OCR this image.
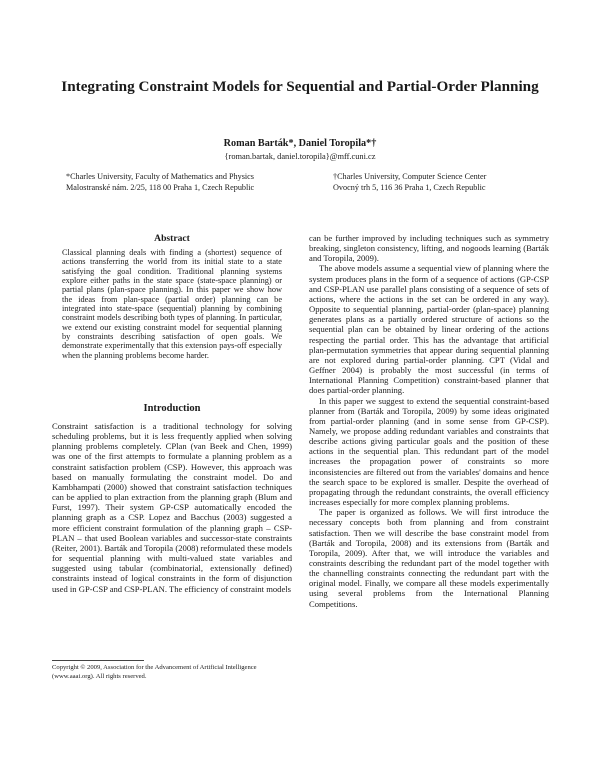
Integrating Constraint Models for Sequential and Partial-Order Planning
Roman Barták*, Daniel Toropila*†
{roman.bartak, daniel.toropila}@mff.cuni.cz
*Charles University, Faculty of Mathematics and Physics
Malostranské nám. 2/25, 118 00 Praha 1, Czech Republic
†Charles University, Computer Science Center
Ovocný trh 5, 116 36 Praha 1, Czech Republic
Abstract

Classical planning deals with finding a (shortest) sequence of actions transferring the world from its initial state to a state satisfying the goal condition. Traditional planning systems explore either paths in the state space (state-space planning) or partial plans (plan-space planning). In this paper we show how the ideas from plan-space (partial order) planning can be integrated into state-space (sequential) planning by combining constraint models describing both types of planning. In particular, we extend our existing constraint model for sequential planning by constraints describing satisfaction of open goals. We demonstrate experimentally that this extension pays-off especially when the planning problems become harder.

Introduction

Constraint satisfaction is a traditional technology for solving scheduling problems, but it is less frequently applied when solving planning problems completely. CPlan (van Beek and Chen, 1999) was one of the first attempts to formulate a planning problem as a constraint satisfaction problem (CSP). However, this approach was based on manually formulating the constraint model. Do and Kambhampati (2000) showed that constraint satisfaction techniques can be applied to plan extraction from the planning graph (Blum and Furst, 1997). Their system GP-CSP automatically encoded the planning graph as a CSP. Lopez and Bacchus (2003) suggested a more efficient constraint formulation of the planning graph – CSP-PLAN – that used Boolean variables and successor-state constraints (Reiter, 2001). Barták and Toropila (2008) reformulated these models for sequential planning with multi-valued state variables and suggested using tabular (combinatorial, extensionally defined) constraints instead of logical constraints in the form of disjunction used in GP-CSP and CSP-PLAN. The efficiency of constraint models

can be further improved by including techniques such as symmetry breaking, singleton consistency, lifting, and nogoods learning (Barták and Toropila, 2009).

The above models assume a sequential view of planning where the system produces plans in the form of a sequence of actions (GP-CSP and CSP-PLAN use parallel plans consisting of a sequence of sets of actions, where the actions in the set can be ordered in any way). Opposite to sequential planning, partial-order (plan-space) planning generates plans as a partially ordered structure of actions so the sequential plan can be obtained by linear ordering of the actions respecting the partial order. This has the advantage that artificial plan-permutation symmetries that appear during sequential planning are not explored during partial-order planning. CPT (Vidal and Geffner 2004) is probably the most successful (in terms of International Planning Competition) constraint-based planner that does partial-order planning.

In this paper we suggest to extend the sequential constraint-based planner from (Barták and Toropila, 2009) by some ideas originated from partial-order planning (and in some sense from GP-CSP). Namely, we propose adding redundant variables and constraints that describe actions giving particular goals and the position of these actions in the sequential plan. This redundant part of the model increases the propagation power of constraints so more inconsistencies are filtered out from the variables' domains and hence the search space to be explored is smaller. Despite the overhead of propagating through the redundant constraints, the overall efficiency increases especially for more complex planning problems.

The paper is organized as follows. We will first introduce the necessary concepts both from planning and from constraint satisfaction. Then we will describe the base constraint model from (Barták and Toropila, 2008) and its extensions from (Barták and Toropila, 2009). After that, we will introduce the variables and constraints describing the redundant part of the model together with the channelling constraints connecting the redundant part with the original model. Finally, we compare all these models experimentally using several problems from the International Planning Competitions.

Copyright © 2009, Association for the Advancement of Artificial Intelligence (www.aaai.org). All rights reserved.
